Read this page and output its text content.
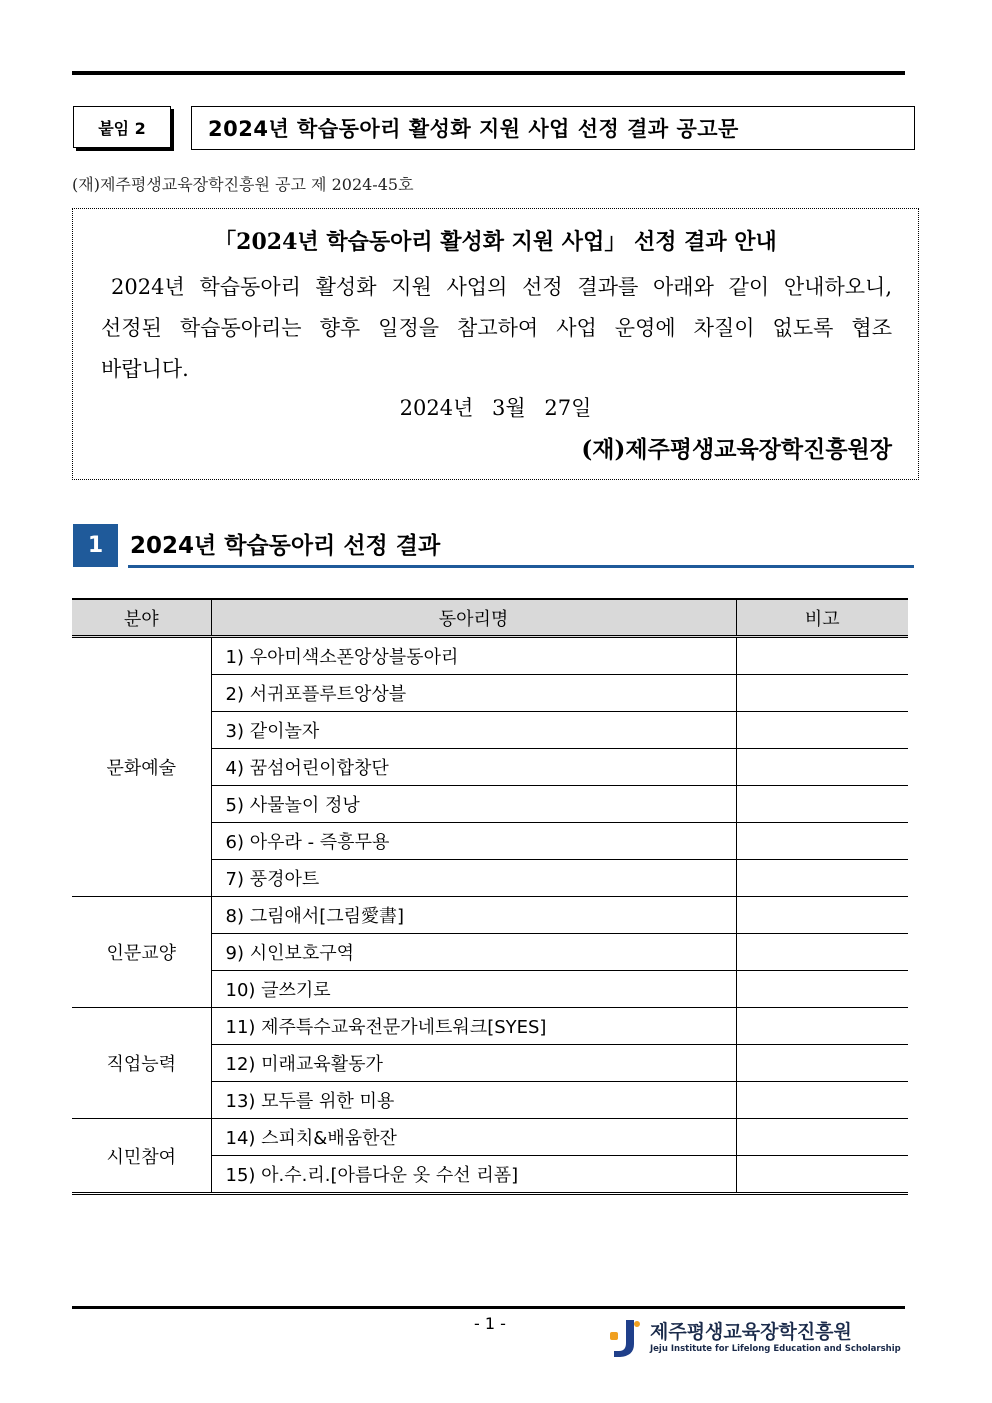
붙임 2	2024년 학습동아리 활성화 지원 사업 선정 결과 공고문
(재)제주평생교육장학진흥원 공고 제 2024-45호
「2024년 학습동아리 활성화 지원 사업」 선정 결과 안내
2024년 학습동아리 활성화 지원 사업의 선정 결과를 아래와 같이 안내하오니, 선정된 학습동아리는 향후 일정을 참고하여 사업 운영에 차질이 없도록 협조 바랍니다.
2024년 3월 27일
(재)제주평생교육장학진흥원장
1	2024년 학습동아리 선정 결과
분야	동아리명	비고
문화예술	1) 우아미색소폰앙상블동아리	
	2) 서귀포플루트앙상블	
	3) 같이놀자	
	4) 꿈섬어린이합창단	
	5) 사물놀이 정낭	
	6) 아우라 - 즉흥무용	
	7) 풍경아트	
인문교양	8) 그림애서[그림愛書]	
	9) 시인보호구역	
	10) 글쓰기로	
직업능력	11) 제주특수교육전문가네트워크[SYES]	
	12) 미래교육활동가	
	13) 모두를 위한 미용	
시민참여	14) 스피치&배움한잔	
	15) 아.수.리.[아름다운 옷 수선 리폼]	
- 1 -	제주평생교육장학진흥원
Jeju Institute for Lifelong Education and Scholarship
